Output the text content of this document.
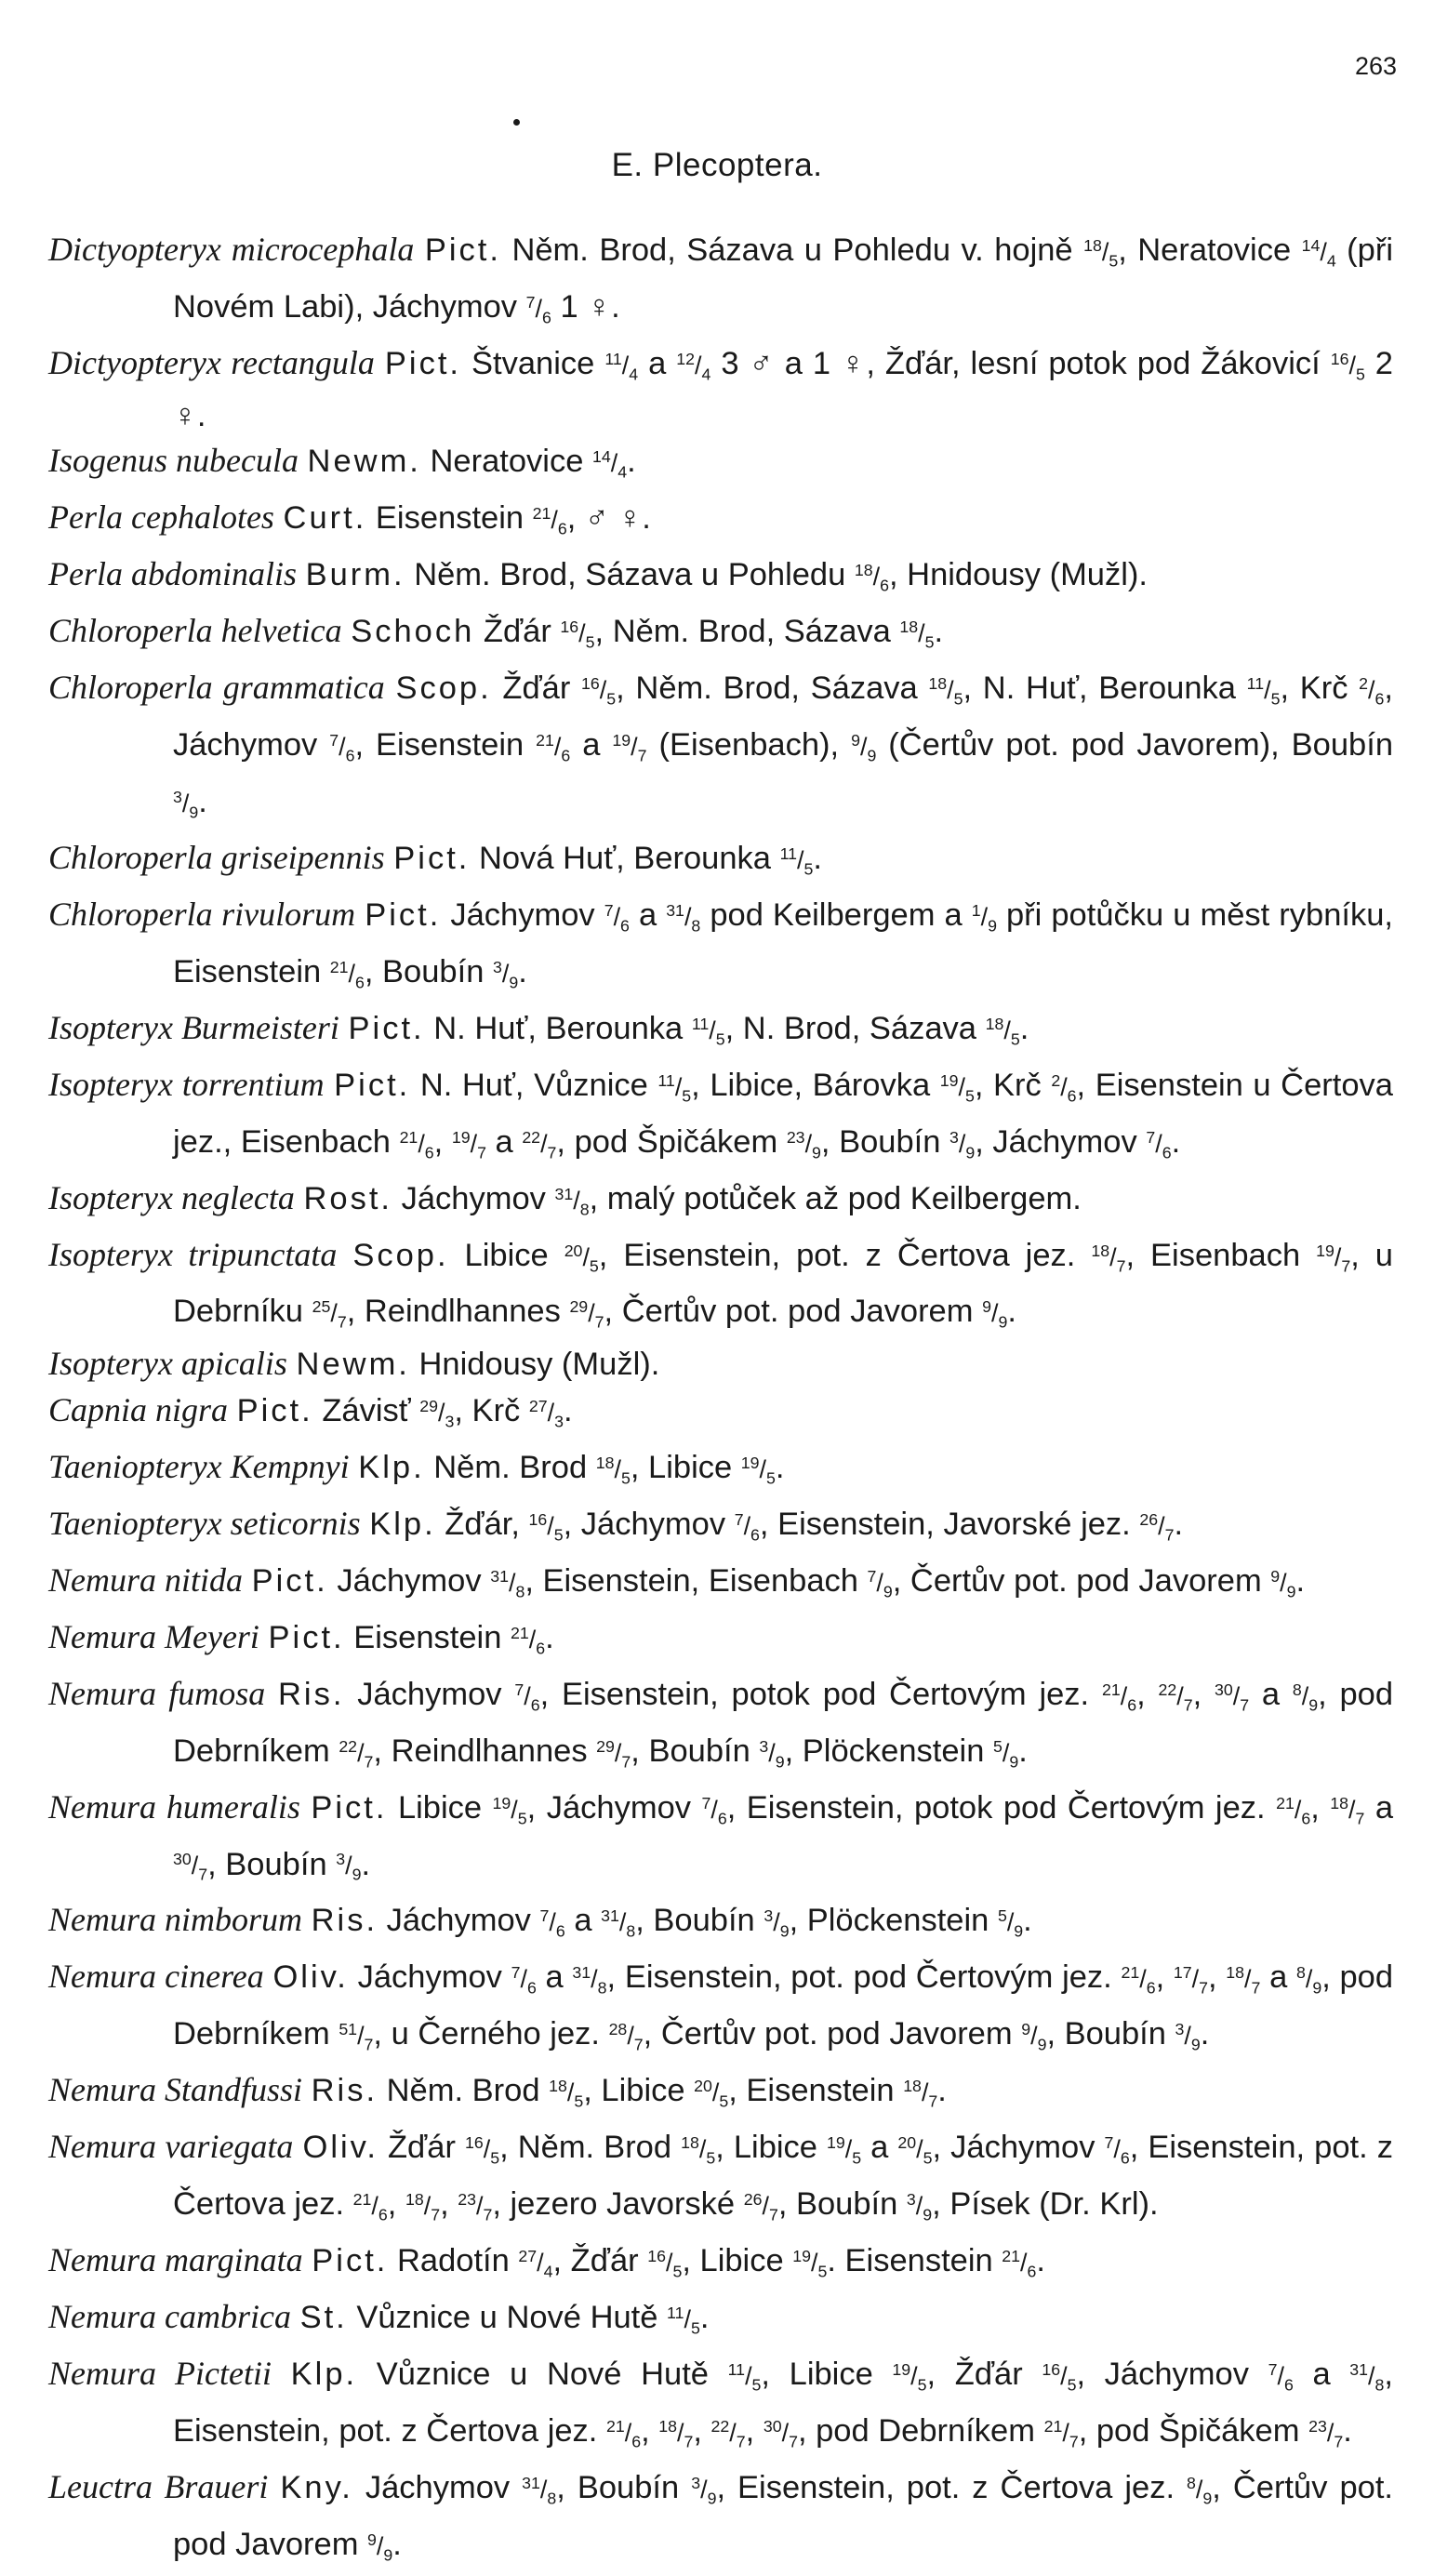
263
E. Plecoptera.
Dictyopteryx microcephala Pict. Něm. Brod, Sázava u Pohledu v. hojně $^{18}/_5$, Neratovice $^{14}/_4$ (při Novém Labi), Jáchymov $^7/_6$ 1 ♀.
Dictyopteryx rectangula Pict. Štvanice $^{11}/_4$ a $^{12}/_4$ 3 ♂ a 1 ♀, Žďár, lesní potok pod Žákovicí $^{16}/_5$ 2 ♀.
Isogenus nubecula Newm. Neratovice $^{14}/_4$.
Perla cephalotes Curt. Eisenstein $^{21}/_6$, ♂ ♀.
Perla abdominalis Burm. Něm. Brod, Sázava u Pohledu $^{18}/_6$, Hnidousy (Mužl).
Chloroperla helvetica Schoch Žďár $^{16}/_5$, Něm. Brod, Sázava $^{18}/_5$.
Chloroperla grammatica Scop. Žďár $^{16}/_5$, Něm. Brod, Sázava $^{18}/_5$, N. Huť, Berounka $^{11}/_5$, Krč $^2/_6$, Jáchymov $^7/_6$, Eisenstein $^{21}/_6$ a $^{19}/_7$ (Eisenbach), $^9/_9$ (Čertův pot. pod Javorem), Boubín $^3/_9$.
Chloroperla griseipennis Pict. Nová Huť, Berounka $^{11}/_5$.
Chloroperla rivulorum Pict. Jáchymov $^7/_6$ a $^{31}/_8$ pod Keilbergem a $^1/_9$ při potůčku u měst rybníku, Eisenstein $^{21}/_6$, Boubín $^3/_9$.
Isopteryx Burmeisteri Pict. N. Huť, Berounka $^{11}/_5$, N. Brod, Sázava $^{18}/_5$.
Isopteryx torrentium Pict. N. Huť, Vůznice $^{11}/_5$, Libice, Bárovka $^{19}/_5$, Krč $^2/_6$, Eisenstein u Čertova jez., Eisenbach $^{21}/_6$, $^{19}/_7$ a $^{22}/_7$, pod Špičákem $^{23}/_9$, Boubín $^3/_9$, Jáchymov $^7/_6$.
Isopteryx neglecta Rost. Jáchymov $^{31}/_8$, malý potůček až pod Keilbergem.
Isopteryx tripunctata Scop. Libice $^{20}/_5$, Eisenstein, pot. z Čertova jez. $^{18}/_7$, Eisenbach $^{19}/_7$, u Debrníku $^{25}/_7$, Reindlhannes $^{29}/_7$, Čertův pot. pod Javorem $^9/_9$.
Isopteryx apicalis Newm. Hnidousy (Mužl).
Capnia nigra Pict. Závisť $^{29}/_3$, Krč $^{27}/_3$.
Taeniopteryx Kempnyi Klp. Něm. Brod $^{18}/_5$, Libice $^{19}/_5$.
Taeniopteryx seticornis Klp. Žďár, $^{16}/_5$, Jáchymov $^7/_6$, Eisenstein, Javorské jez. $^{26}/_7$.
Nemura nitida Pict. Jáchymov $^{31}/_8$, Eisenstein, Eisenbach $^7/_9$, Čertův pot. pod Javorem $^9/_9$.
Nemura Meyeri Pict. Eisenstein $^{21}/_6$.
Nemura fumosa Ris. Jáchymov $^7/_6$, Eisenstein, potok pod Čertovým jez. $^{21}/_6$, $^{22}/_7$, $^{30}/_7$ a $^8/_9$, pod Debrníkem $^{22}/_7$, Reindlhannes $^{29}/_7$, Boubín $^3/_9$, Plöckenstein $^5/_9$.
Nemura humeralis Pict. Libice $^{19}/_5$, Jáchymov $^7/_6$, Eisenstein, potok pod Čertovým jez. $^{21}/_6$, $^{18}/_7$ a $^{30}/_7$, Boubín $^3/_9$.
Nemura nimborum Ris. Jáchymov $^7/_6$ a $^{31}/_8$, Boubín $^3/_9$, Plöckenstein $^5/_9$.
Nemura cinerea Oliv. Jáchymov $^7/_6$ a $^{31}/_8$, Eisenstein, pot. pod Čertovým jez. $^{21}/_6$, $^{17}/_7$, $^{18}/_7$ a $^8/_9$, pod Debrníkem $^{51}/_7$, u Černého jez. $^{28}/_7$, Čertův pot. pod Javorem $^9/_9$, Boubín $^3/_9$.
Nemura Standfussi Ris. Něm. Brod $^{18}/_5$, Libice $^{20}/_5$, Eisenstein $^{18}/_7$.
Nemura variegata Oliv. Žďár $^{16}/_5$, Něm. Brod $^{18}/_5$, Libice $^{19}/_5$ a $^{20}/_5$, Jáchymov $^7/_6$, Eisenstein, pot. z Čertova jez. $^{21}/_6$, $^{18}/_7$, $^{23}/_7$, jezero Javorské $^{26}/_7$, Boubín $^3/_9$, Písek (Dr. Krl).
Nemura marginata Pict. Radotín $^{27}/_4$, Žďár $^{16}/_5$, Libice $^{19}/_5$. Eisenstein $^{21}/_6$.
Nemura cambrica St. Vůznice u Nové Hutě $^{11}/_5$.
Nemura Pictetii Klp. Vůznice u Nové Hutě $^{11}/_5$, Libice $^{19}/_5$, Žďár $^{16}/_5$, Jáchymov $^7/_6$ a $^{31}/_8$, Eisenstein, pot. z Čertova jez. $^{21}/_6$, $^{18}/_7$, $^{22}/_7$, $^{30}/_7$, pod Debrníkem $^{21}/_7$, pod Špičákem $^{23}/_7$.
Leuctra Braueri Kny. Jáchymov $^{31}/_8$, Boubín $^3/_9$, Eisenstein, pot. z Čertova jez. $^8/_9$, Čertův pot. pod Javorem $^9/_9$.
